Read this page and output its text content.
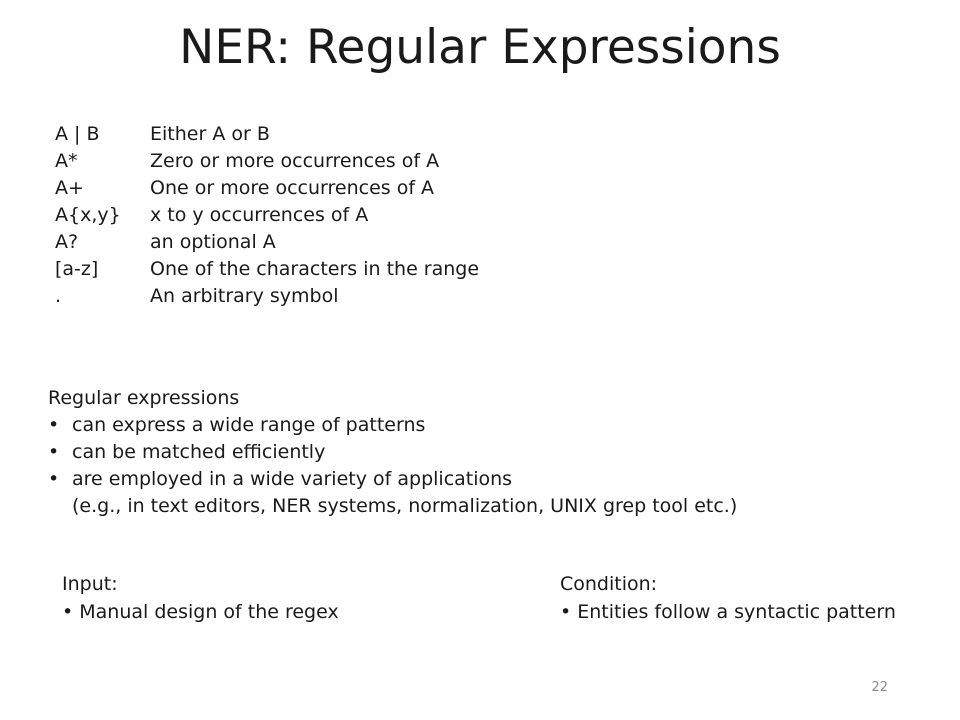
NER: Regular Expressions
A | B	Either A or B
A*	Zero or more occurrences of A
A+	One or more occurrences of A
A{x,y} x to y occurrences of A
A?	an optional A
[a-z]	One of the characters in the range
.	An arbitrary symbol
Regular expressions
• can express a wide range of patterns
• can be matched efficiently
• are employed in a wide variety of applications
(e.g., in text editors, NER systems, normalization, UNIX grep tool etc.)
Input:
• Manual design of the regex
Condition:
• Entities follow a syntactic pattern
22
